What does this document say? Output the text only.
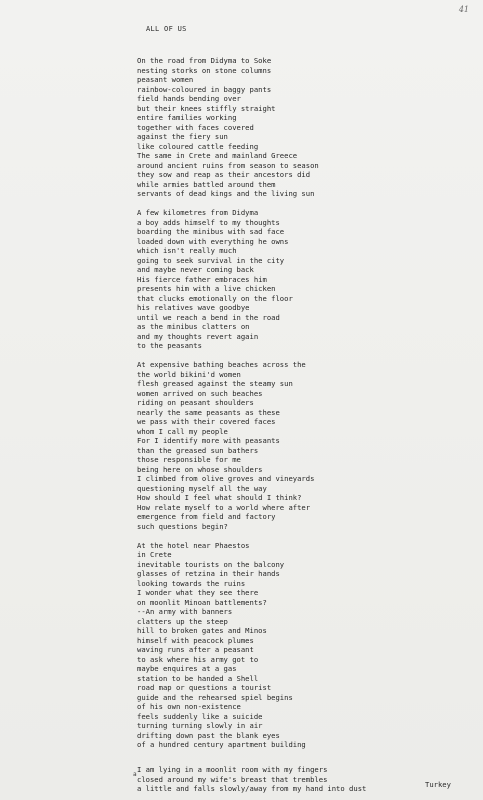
41
ALL OF US
On the road from Didyma to Soke
nesting storks on stone columns
peasant women
rainbow-coloured in baggy pants
field hands bending over
but their knees stiffly straight
entire families working
together with faces covered
against the fiery sun
like coloured cattle feeding
The same in Crete and mainland Greece
around ancient ruins from season to season
they sow and reap as their ancestors did
while armies battled around them
servants of dead kings and the living sun
A few kilometres from Didyma
a boy adds himself to my thoughts
boarding the minibus with sad face
loaded down with everything he owns
which isn't really much
going to seek survival in the city
and maybe never coming back
His fierce father embraces him
presents him with a live chicken
that clucks emotionally on the floor
his relatives wave goodbye
until we reach a bend in the road
as the minibus clatters on
and my thoughts revert again
to the peasants
At expensive bathing beaches across the
the world bikini'd women
flesh greased against the steamy sun
women arrived on such beaches
riding on peasant shoulders
nearly the same peasants as these
we pass with their covered faces
whom I call my people
For I identify more with peasants
than the greased sun bathers
those responsible for me
being here on whose shoulders
I climbed from olive groves and vineyards
questioning myself all the way
How should I feel what should I think?
How relate myself to a world where after
emergence from field and factory
such questions begin?
At the hotel near Phaestos
in Crete
inevitable tourists on the balcony
glasses of retzina in their hands
looking towards the ruins
I wonder what they see there
on moonlit Minoan battlements?
--An army with banners
clatters up the steep
hill to broken gates and Minos
himself with peacock plumes
waving runs after a peasant
to ask where his army got to
maybe enquires at a gas
station to be handed a Shell
road map or questions a tourist
guide and the rehearsed spiel begins
of his own non-existence
feels suddenly like a suicide
turning turning slowly in air
drifting down past the blank eyes
of a hundred century apartment building
I am lying in a moonlit room with my fingers
closed around my wife's breast that trembles
a little and falls slowly/away from my hand into dust
a
Turkey
